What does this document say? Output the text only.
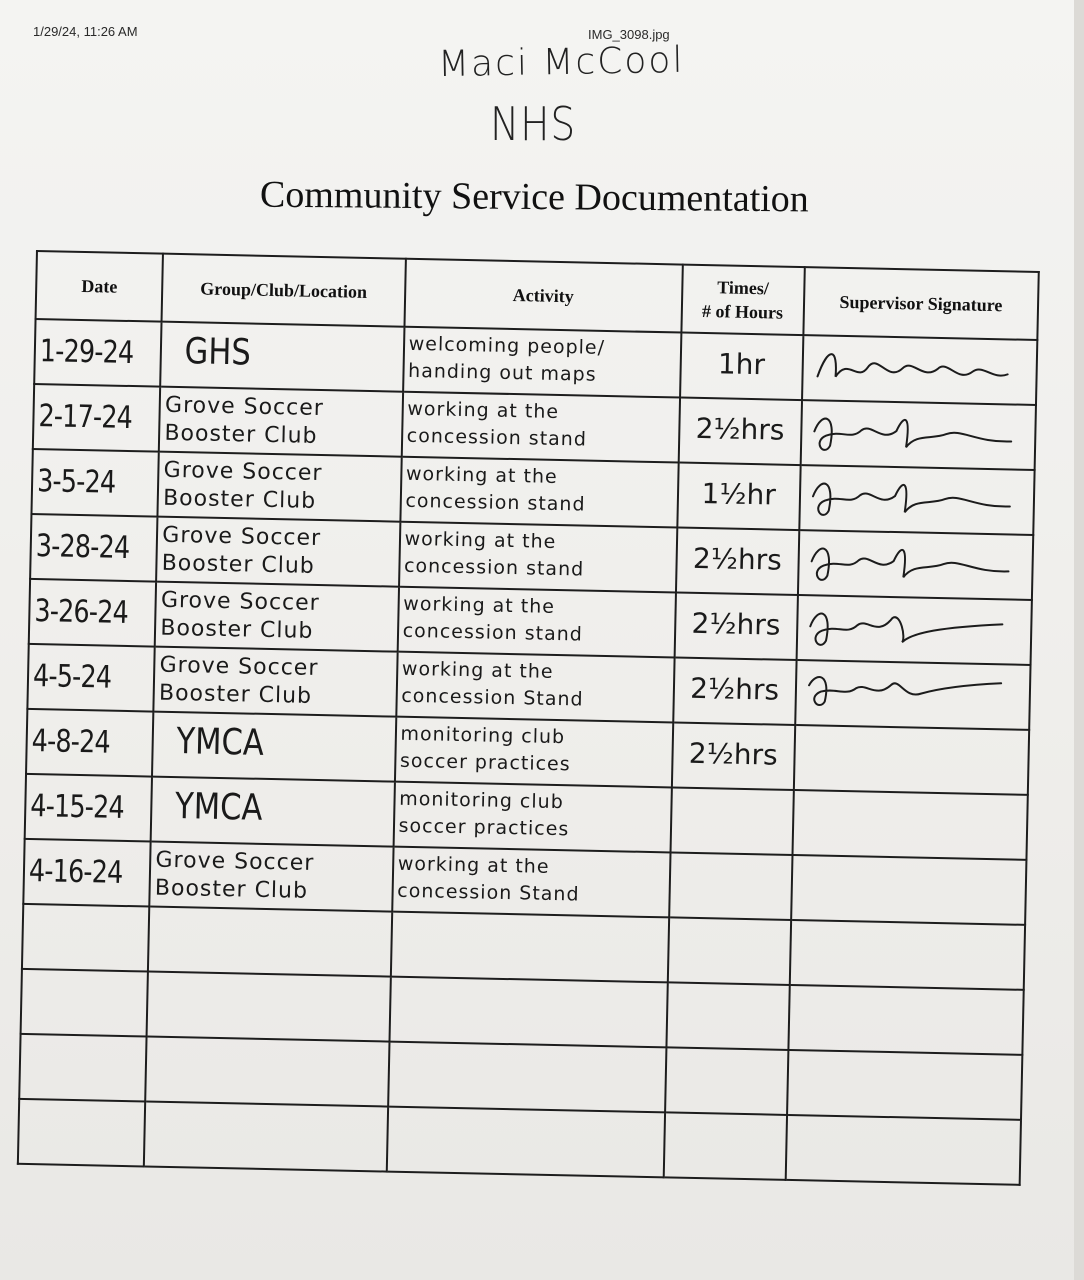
1/29/24, 11:26 AM	IMG_3098.jpg
Maci McCool
NHS
Community Service Documentation
Date	Group/Club/Location	Activity	Times/
# of Hours	Supervisor Signature

1-29-24	GHS	welcoming people/
handing out maps	1hr

2-17-24	Grove Soccer Booster Club	working at the
concession stand	2½hrs

3-5-24	Grove Soccer Booster Club	working at the
concession stand	1½hr

3-28-24	Grove Soccer Booster Club	working at the
concession stand	2½hrs

3-26-24	Grove Soccer Booster Club	working at the
concession stand	2½hrs

4-5-24	Grove Soccer Booster Club	working at the
concession Stand	2½hrs

4-8-24	YMCA	monitoring club
soccer practices	2½hrs	

4-15-24	YMCA	monitoring club
soccer practices		

4-16-24	Grove Soccer Booster Club	working at the
concession Stand		
